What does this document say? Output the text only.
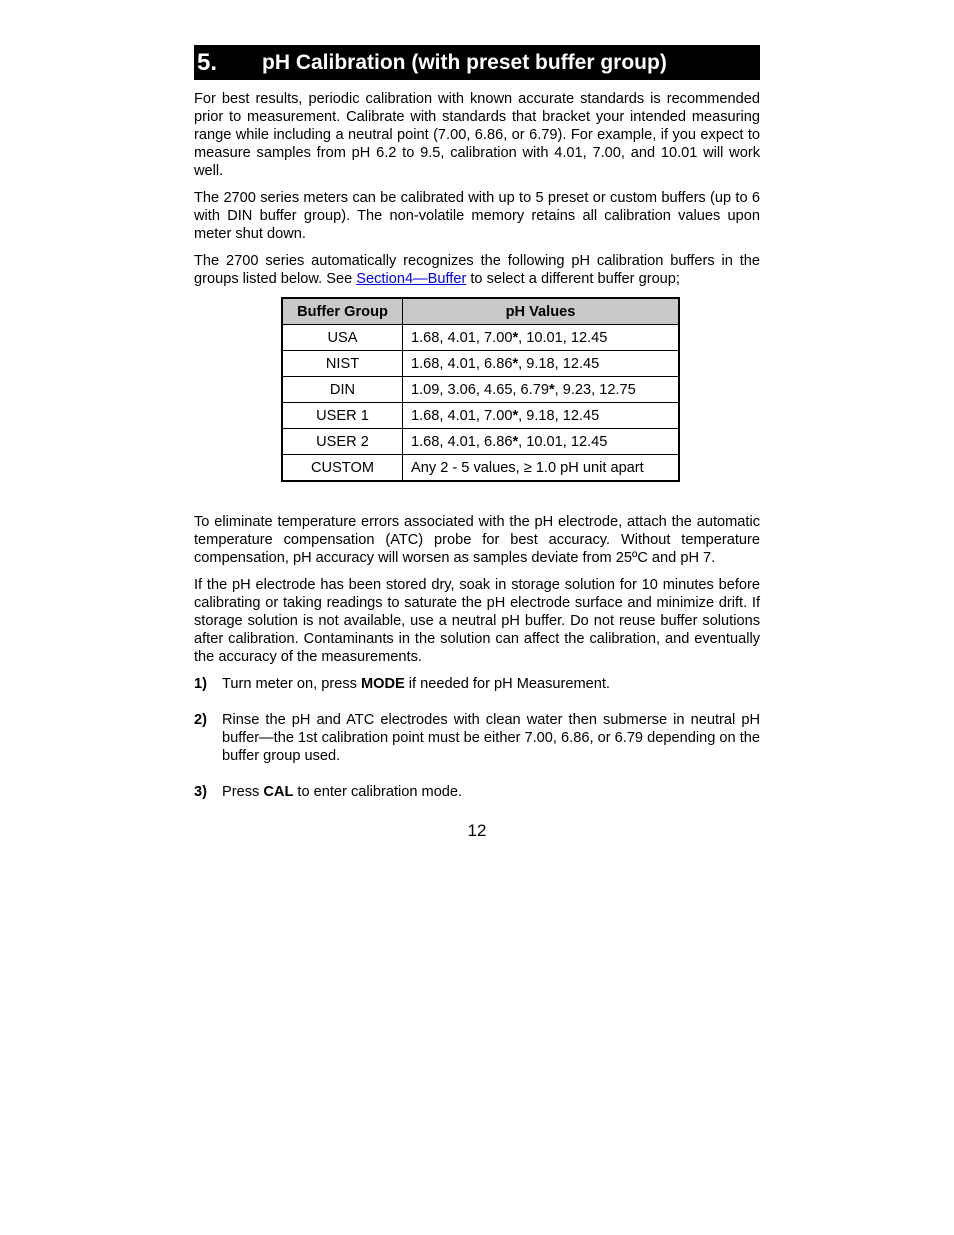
5.	pH Calibration (with preset buffer group)

For best results, periodic calibration with known accurate standards is recommended prior to measurement. Calibrate with standards that bracket your intended measuring range while including a neutral point (7.00, 6.86, or 6.79). For example, if you expect to measure samples from pH 6.2 to 9.5, calibration with 4.01, 7.00, and 10.01 will work well.

The 2700 series meters can be calibrated with up to 5 preset or custom buffers (up to 6 with DIN buffer group). The non-volatile memory retains all calibration values upon meter shut down.

The 2700 series automatically recognizes the following pH calibration buffers in the groups listed below. See Section4—Buffer to select a different buffer group;

Buffer Group	pH Values
USA	1.68, 4.01, 7.00*, 10.01, 12.45
NIST	1.68, 4.01, 6.86*, 9.18, 12.45
DIN	1.09, 3.06, 4.65, 6.79*, 9.23, 12.75
USER 1	1.68, 4.01, 7.00*, 9.18, 12.45
USER 2	1.68, 4.01, 6.86*, 10.01, 12.45
CUSTOM	Any 2 - 5 values, ≥ 1.0 pH unit apart

To eliminate temperature errors associated with the pH electrode, attach the automatic temperature compensation (ATC) probe for best accuracy. Without temperature compensation, pH accuracy will worsen as samples deviate from 25ºC and pH 7.

If the pH electrode has been stored dry, soak in storage solution for 10 minutes before calibrating or taking readings to saturate the pH electrode surface and minimize drift. If storage solution is not available, use a neutral pH buffer. Do not reuse buffer solutions after calibration. Contaminants in the solution can affect the calibration, and eventually the accuracy of the measurements.

1)	Turn meter on, press MODE if needed for pH Measurement.
2)	Rinse the pH and ATC electrodes with clean water then submerse in neutral pH buffer—the 1st calibration point must be either 7.00, 6.86, or 6.79 depending on the buffer group used.
3)	Press CAL to enter calibration mode.
12
